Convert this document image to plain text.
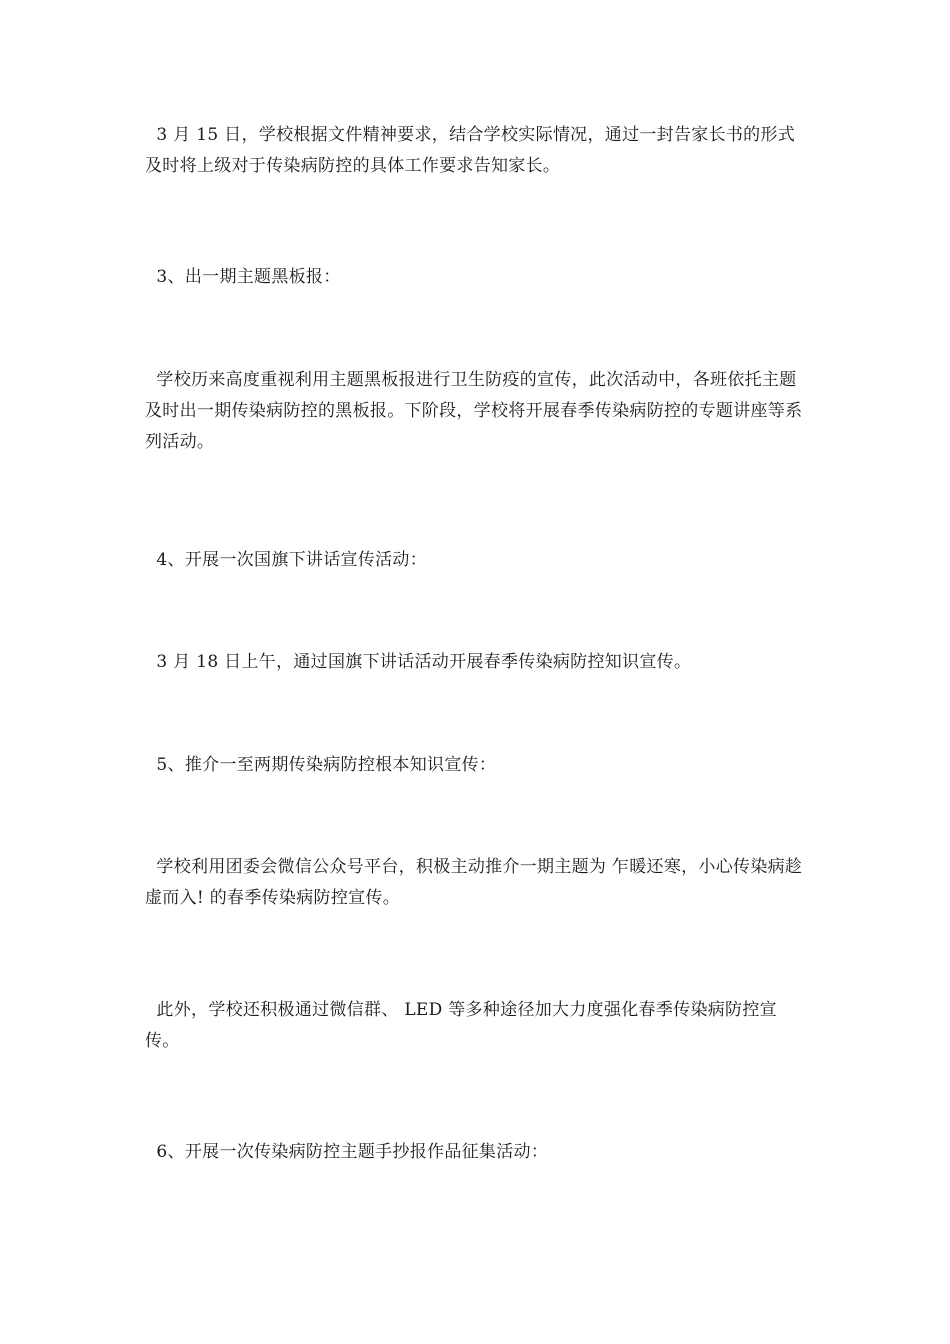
3 月 15 日，学校根据文件精神要求，结合学校实际情况，通过一封告家长书的形式及时将上级对于传染病防控的具体工作要求告知家长。

3、出一期主题黑板报：

学校历来高度重视利用主题黑板报进行卫生防疫的宣传，此次活动中，各班依托主题及时出一期传染病防控的黑板报。下阶段，学校将开展春季传染病防控的专题讲座等系列活动。

4、开展一次国旗下讲话宣传活动：

3 月 18 日上午，通过国旗下讲话活动开展春季传染病防控知识宣传。

5、推介一至两期传染病防控根本知识宣传：

学校利用团委会微信公众号平台，积极主动推介一期主题为 乍暖还寒，小心传染病趁虚而入! 的春季传染病防控宣传。

此外，学校还积极通过微信群、 LED 等多种途径加大力度强化春季传染病防控宣传。

6、开展一次传染病防控主题手抄报作品征集活动：
